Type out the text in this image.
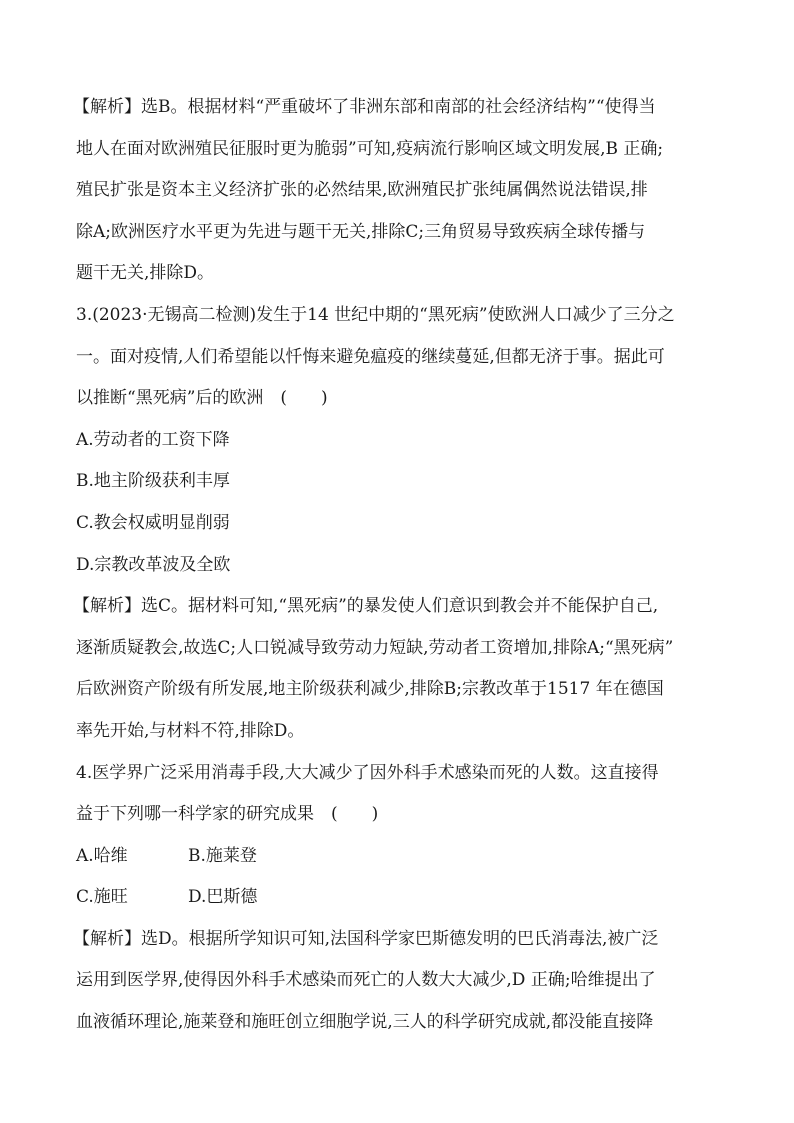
【解析】选B。根据材料“严重破坏了非洲东部和南部的社会经济结构”“使得当
地人在面对欧洲殖民征服时更为脆弱”可知,疫病流行影响区域文明发展,B 正确;
殖民扩张是资本主义经济扩张的必然结果,欧洲殖民扩张纯属偶然说法错误,排
除A;欧洲医疗水平更为先进与题干无关,排除C;三角贸易导致疾病全球传播与
题干无关,排除D。
3.(2023·无锡高二检测)发生于14 世纪中期的“黑死病”使欧洲人口减少了三分之
一。面对疫情,人们希望能以忏悔来避免瘟疫的继续蔓延,但都无济于事。据此可
以推断“黑死病”后的欧洲　(　　)
A.劳动者的工资下降
B.地主阶级获利丰厚
C.教会权威明显削弱
D.宗教改革波及全欧
【解析】选C。据材料可知,“黑死病”的暴发使人们意识到教会并不能保护自己,
逐渐质疑教会,故选C;人口锐减导致劳动力短缺,劳动者工资增加,排除A;“黑死病”
后欧洲资产阶级有所发展,地主阶级获利减少,排除B;宗教改革于1517 年在德国
率先开始,与材料不符,排除D。
4.医学界广泛采用消毒手段,大大减少了因外科手术感染而死的人数。这直接得
益于下列哪一科学家的研究成果　(　　)
A.哈维	B.施莱登
C.施旺	D.巴斯德
【解析】选D。根据所学知识可知,法国科学家巴斯德发明的巴氏消毒法,被广泛
运用到医学界,使得因外科手术感染而死亡的人数大大减少,D 正确;哈维提出了
血液循环理论,施莱登和施旺创立细胞学说,三人的科学研究成就,都没能直接降
